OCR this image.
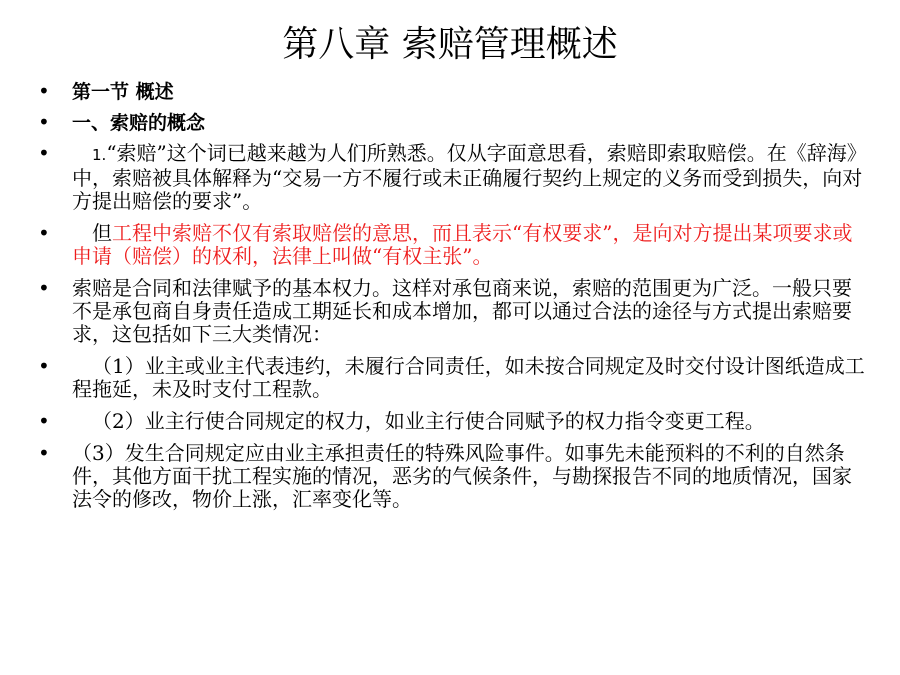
第八章 索赔管理概述
•	第一节 概述
•	一、索赔的概念
•	1.“索赔”这个词已越来越为人们所熟悉。仅从字面意思看，索赔即索取赔偿。在《辞海》中，索赔被具体解释为“交易一方不履行或未正确履行契约上规定的义务而受到损失，向对方提出赔偿的要求”。
•	但工程中索赔不仅有索取赔偿的意思，而且表示“有权要求”，是向对方提出某项要求或申请（赔偿）的权利，法律上叫做“有权主张”。
•	索赔是合同和法律赋予的基本权力。这样对承包商来说，索赔的范围更为广泛。一般只要不是承包商自身责任造成工期延长和成本增加，都可以通过合法的途径与方式提出索赔要求，这包括如下三大类情况：
•	（1）业主或业主代表违约，未履行合同责任，如未按合同规定及时交付设计图纸造成工程拖延，未及时支付工程款。
•	（2）业主行使合同规定的权力，如业主行使合同赋予的权力指令变更工程。
•	（3）发生合同规定应由业主承担责任的特殊风险事件。如事先未能预料的不利的自然条件，其他方面干扰工程实施的情况，恶劣的气候条件，与勘探报告不同的地质情况，国家法令的修改，物价上涨，汇率变化等。
